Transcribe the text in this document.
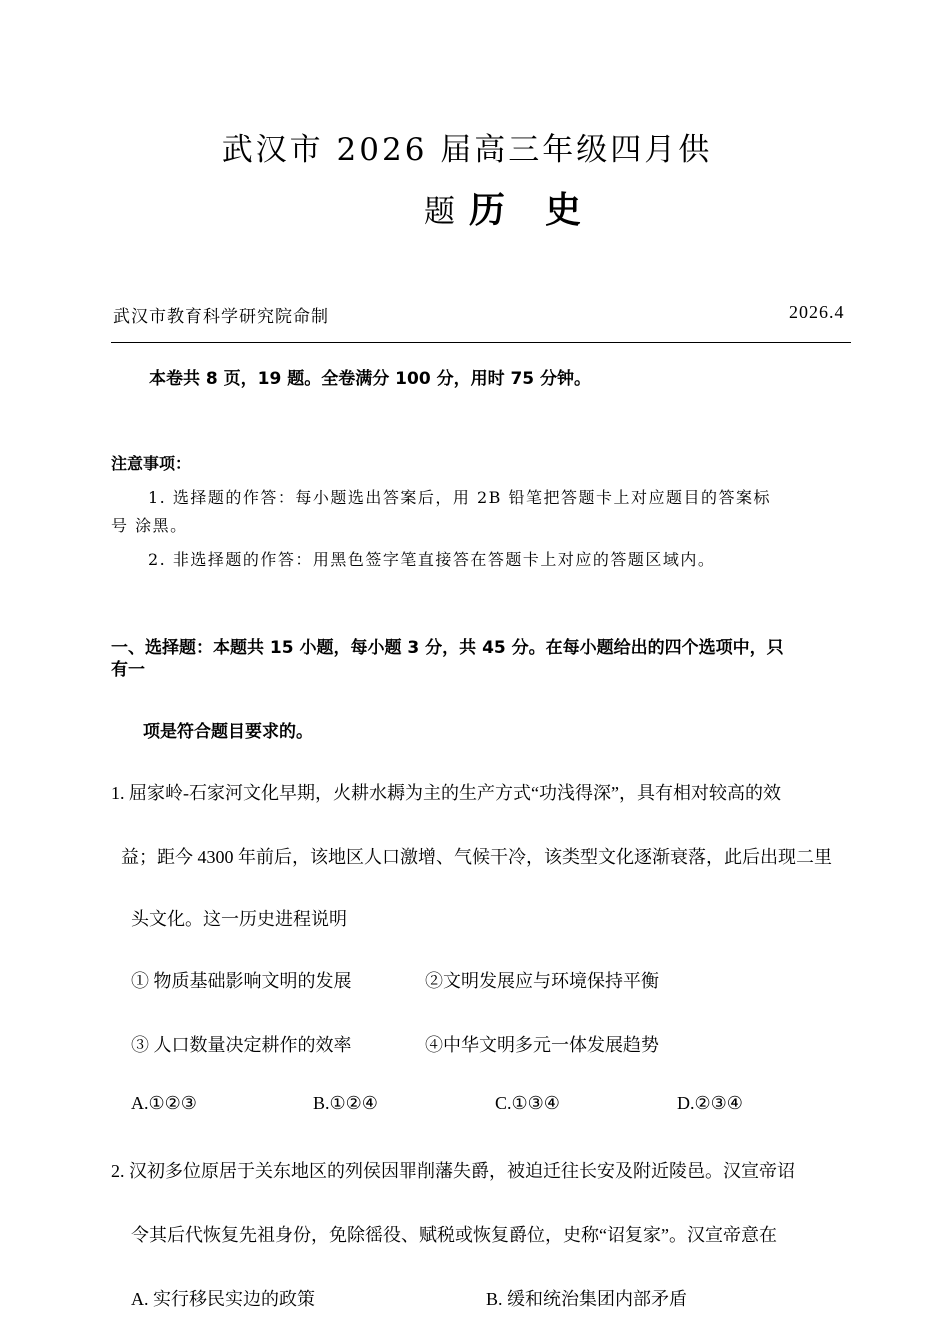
武汉市 2026 届高三年级四月供
题 历史
武汉市教育科学研究院命制	2026.4
本卷共 8 页，19 题。全卷满分 100 分，用时 75 分钟。
注意事项：
1. 选择题的作答：每小题选出答案后，用 2B 铅笔把答题卡上对应题目的答案标
号 涂黑。
2. 非选择题的作答：用黑色签字笔直接答在答题卡上对应的答题区域内。
一、选择题：本题共 15 小题，每小题 3 分，共 45 分。在每小题给出的四个选项中，只
有一
项是符合题目要求的。
1. 屈家岭-石家河文化早期，火耕水耨为主的生产方式“功浅得深”，具有相对较高的效
益；距今 4300 年前后，该地区人口激增、气候干冷，该类型文化逐渐衰落，此后出现二里
头文化。这一历史进程说明
① 物质基础影响文明的发展	②文明发展应与环境保持平衡
③ 人口数量决定耕作的效率	④中华文明多元一体发展趋势
A.①②③	B.①②④	C.①③④	D.②③④
2. 汉初多位原居于关东地区的列侯因罪削藩失爵，被迫迁往长安及附近陵邑。汉宣帝诏
令其后代恢复先祖身份，免除徭役、赋税或恢复爵位，史称“诏复家”。汉宣帝意在
A. 实行移民实边的政策	B. 缓和统治集团内部矛盾
